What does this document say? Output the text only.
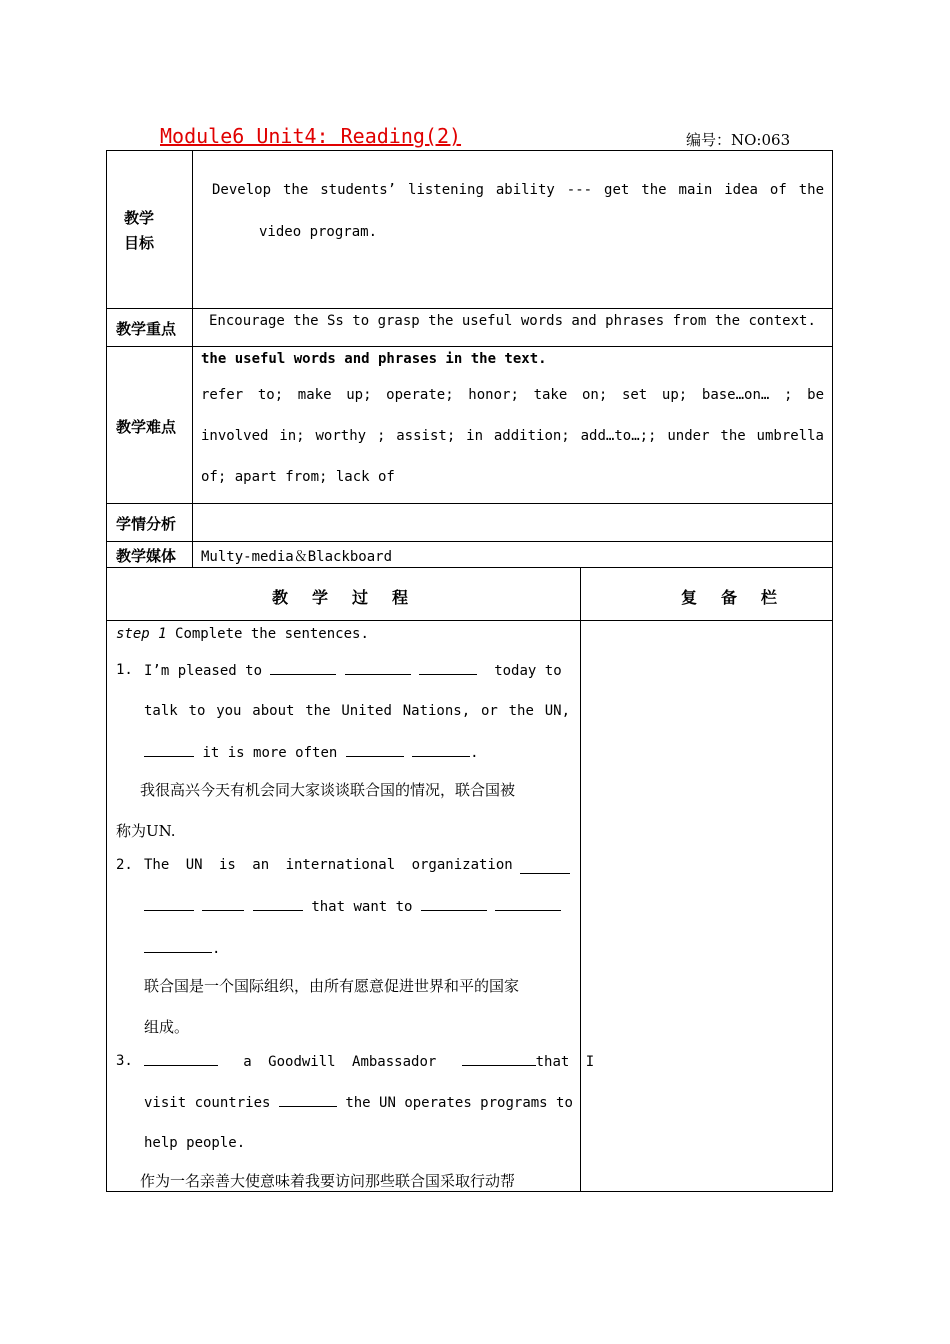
Module6 Unit4: Reading(2)	编号：NO:063
教学
目标
Develop the students’ listening ability --- get the main idea of the
video program.
教学重点 Encourage the Ss to grasp the useful words and phrases from the context.
教学难点
the useful words and phrases in the text.
refer to; make up; operate; honor; take on; set up; base…on… ; be
involved in; worthy ; assist; in addition; add…to…;; under the umbrella
of; apart from; lack of
学情分析
教学媒体 Multy-media＆Blackboard
教学过程	复备栏
step 1 Complete the sentences.
1. I’m pleased to	today to
talk to you about the United Nations, or the UN,
it is more often	.
我很高兴今天有机会同大家谈谈联合国的情况，联合国被
称为UN.
2. The UN is an international organization
that want to
.
联合国是一个国际组织，由所有愿意促进世界和平的国家
组成。
3.	a Goodwill Ambassador	that I
visit countries	the UN operates programs to
help people.
作为一名亲善大使意味着我要访问那些联合国采取行动帮
